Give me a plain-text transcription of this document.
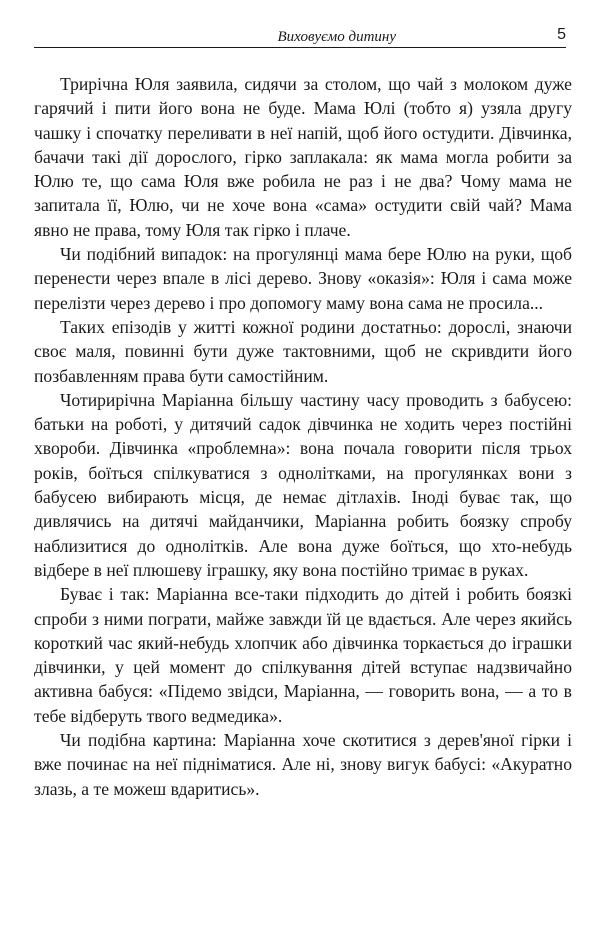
Виховуємо дитину	5

Трирічна Юля заявила, сидячи за столом, що чай з молоком дуже гарячий і пити його вона не буде. Мама Юлі (тобто я) узяла другу чашку і спочатку переливати в неї напій, щоб його остудити. Дівчинка, бачачи такі дії дорослого, гірко заплакала: як мама могла робити за Юлю те, що сама Юля вже робила не раз і не два? Чому мама не запитала її, Юлю, чи не хоче вона «сама» остудити свій чай? Мама явно не права, тому Юля так гірко і плаче.

Чи подібний випадок: на прогулянці мама бере Юлю на руки, щоб перенести через впале в лісі дерево. Знову «оказія»: Юля і сама може перелізти через дерево і про допомогу маму вона сама не просила...

Таких епізодів у житті кожної родини достатньо: дорослі, знаючи своє маля, повинні бути дуже тактовними, щоб не скривдити його позбавленням права бути самостійним.

Чотирирічна Маріанна більшу частину часу проводить з бабусею: батьки на роботі, у дитячий садок дівчинка не ходить через постійні хвороби. Дівчинка «проблемна»: вона почала говорити після трьох років, боїться спілкуватися з однолітками, на прогулянках вони з бабусею вибирають місця, де немає дітлахів. Іноді буває так, що дивлячись на дитячі майданчики, Маріанна робить боязку спробу наблизитися до однолітків. Але вона дуже боїться, що хто-небудь відбере в неї плюшеву іграшку, яку вона постійно тримає в руках.

Буває і так: Маріанна все-таки підходить до дітей і робить боязкі спроби з ними пограти, майже завжди їй це вдається. Але через якийсь короткий час який-небудь хлопчик або дівчинка торкається до іграшки дівчинки, у цей момент до спілкування дітей вступає надзвичайно активна бабуся: «Підемо звідси, Маріанна, — говорить вона, — а то в тебе відберуть твого ведмедика».

Чи подібна картина: Маріанна хоче скотитися з дерев'яної гірки і вже починає на неї підніматися. Але ні, знову вигук бабусі: «Акуратно злазь, а те можеш вдаритись».
